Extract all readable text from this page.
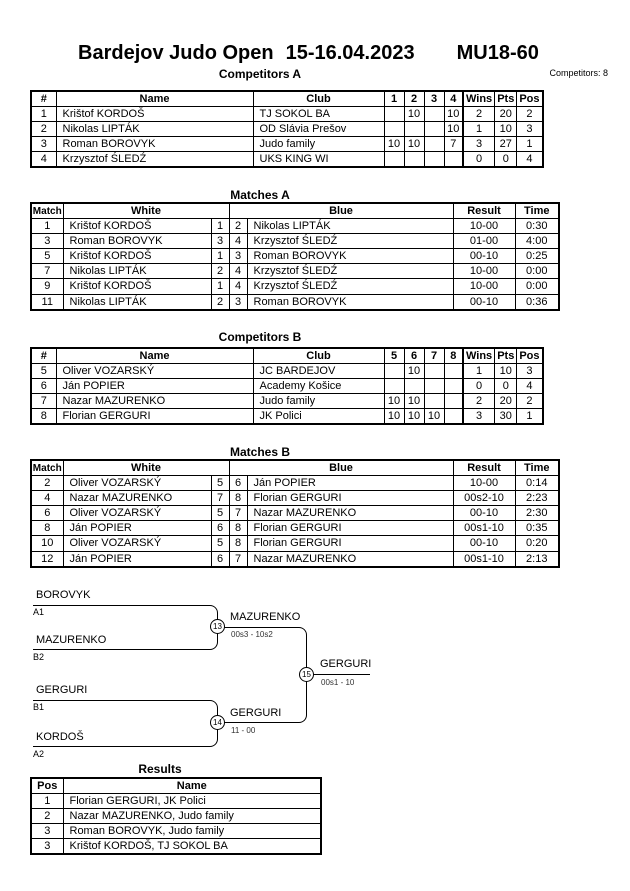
Bardejov Judo Open 15-16.04.2023 MU18-60
Competitors A	Competitors: 8
#	Name	Club	1	2	3	4	Wins	Pts	Pos
1	Krištof KORDOŠ	TJ SOKOL BA		10		10	2	20	2
2	Nikolas LIPTÁK	OD Slávia Prešov				10	1	10	3
3	Roman BOROVYK	Judo family	10	10		7	3	27	1
4	Krzysztof ŚLEDŹ	UKS KING WI					0	0	4
Matches A
Match	White		Blue		Result	Time
1	Krištof KORDOŠ	1	2	Nikolas LIPTÁK	10-00	0:30
3	Roman BOROVYK	3	4	Krzysztof ŚLEDŹ	01-00	4:00
5	Krištof KORDOŠ	1	3	Roman BOROVYK	00-10	0:25
7	Nikolas LIPTÁK	2	4	Krzysztof ŚLEDŹ	10-00	0:00
9	Krištof KORDOŠ	1	4	Krzysztof ŚLEDŹ	10-00	0:00
11	Nikolas LIPTÁK	2	3	Roman BOROVYK	00-10	0:36
Competitors B
#	Name	Club	5	6	7	8	Wins	Pts	Pos
5	Oliver VOZARSKÝ	JC BARDEJOV		10			1	10	3
6	Ján POPIER	Academy Košice					0	0	4
7	Nazar MAZURENKO	Judo family	10	10			2	20	2
8	Florian GERGURI	JK Polici	10	10	10		3	30	1
Matches B
Match	White		Blue		Result	Time
2	Oliver VOZARSKÝ	5	6	Ján POPIER	10-00	0:14
4	Nazar MAZURENKO	7	8	Florian GERGURI	00s2-10	2:23
6	Oliver VOZARSKÝ	5	7	Nazar MAZURENKO	00-10	2:30
8	Ján POPIER	6	8	Florian GERGURI	00s1-10	0:35
10	Oliver VOZARSKÝ	5	8	Florian GERGURI	00-10	0:20
12	Ján POPIER	6	7	Nazar MAZURENKO	00s1-10	2:13
BOROVYK
A1
MAZURENKO
B2
GERGURI
B1
KORDOŠ
A2
MAZURENKO
00s3 - 10s2
GERGURI
11 - 00
GERGURI
00s1 - 10
13
14
15
Results
Pos	Name
1	Florian GERGURI, JK Polici
2	Nazar MAZURENKO, Judo family
3	Roman BOROVYK, Judo family
3	Krištof KORDOŠ, TJ SOKOL BA
